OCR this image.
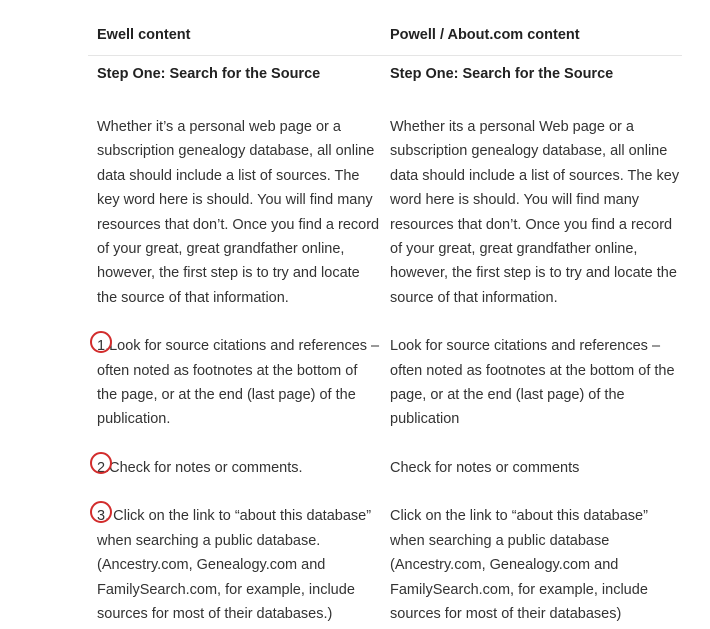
Ewell content	Powell / About.com content
Step One: Search for the Source	Step One: Search for the Source

Whether it’s a personal web page or a subscription genealogy database, all online data should include a list of sources. The key word here is should. You will find many resources that don’t. Once you find a record of your great, great grandfather online, however, the first step is to try and locate the source of that information.

1.Look for source citations and references – often noted as footnotes at the bottom of the page, or at the end (last page) of the publication.

2.Check for notes or comments.

3. Click on the link to “about this database” when searching a public database. (Ancestry.com, Genealogy.com and FamilySearch.com, for example, include sources for most of their databases.)

Whether its a personal Web page or a subscription genealogy database, all online data should include a list of sources. The key word here is should. You will find many resources that don’t. Once you find a record of your great, great grandfather online, however, the first step is to try and locate the source of that information.

Look for source citations and references – often noted as footnotes at the bottom of the page, or at the end (last page) of the publication

Check for notes or comments

Click on the link to “about this database” when searching a public database (Ancestry.com, Genealogy.com and FamilySearch.com, for example, include sources for most of their databases)
